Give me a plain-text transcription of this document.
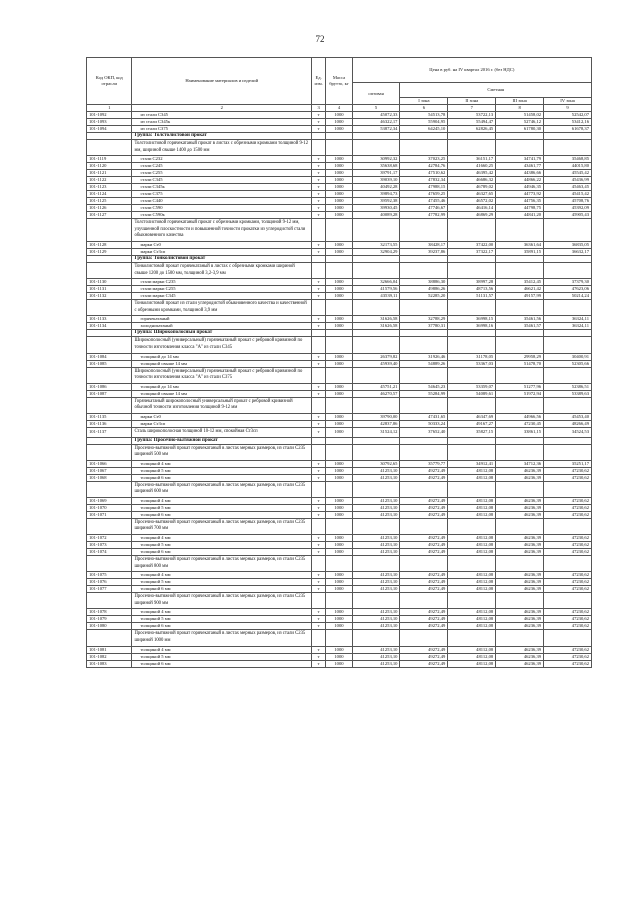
72
Код ОКП, код отрасли	Наименование материалов и изделий	Ед. изм.	Масса брутто, кг	Цена в руб. на IV квартал 2016 г. (без НДС)				
				оптовая	Сметная			
					I зона	II зона	III зона	IV зона
1	2	3	4	5	6	7	8	9
101-1092	из стали С345	т	1000	45072,33	54513,78	53722,13	51458,02	52542,07
101-1093	из стали С345к	т	1000	46322,17	55904,95	55494,47	52746,12	53412,16
101-1094	из стали С375	т	1000	53872,34	64245,10	62826,45	61780,30	61678,37
	Группа: Толстолистовой прокат							
	Толстолистовой горячекатаный прокат в листах с обрезными кромками толщиной 9-12 мм, шириной свыше 1400 до 1500 мм							
101-1119	стали С232	т	1000	30992,32	37023,25	36151,17	34741,79	35468,85
101-1120	стали С245	т	1000	35638,68	42784,76	41660,25	43461,77	44015,80
101-1121	стали С255	т	1000	39791,17	47510,62	46395,42	44386,66	45545,42
101-1122	стали С345	т	1000	39039,10	47832,34	46686,32	44866,22	45436,99
101-1123	стали С345к	т	1000	40492,28	47988,15	46789,02	44946,35	45463,45
101-1124	стали С375	т	1000	39894,73	47659,25	46327,65	44773,92	45415,42
101-1125	стали С440	т	1000	39592,38	47455,46	46572,02	44756,35	45708,76
101-1126	стали С590	т	1000	39930,45	47746,67	46416,14	44798,75	45392,09
101-1127	стали С590к	т	1000	40089,28	47782,99	46869,29	44841,20	45905,43
	Толстолистовой горячекатаный прокат с обрезными кромками, толщиной 9-12 мм, улучшенной плоскостности и повышенной точности прокатки из углеродистой стали обыкновенного качества							
101-1128	марки Ст0	т	1000	32173,55	38428,17	37422,00	36361,64	36835,05
101-1129	марки Ст3сп	т	1000	32904,29	39237,86	37322,17	35891,15	36632,17
	Группа: Тонколистовой прокат							
	Тонколистовой прокат горячекатаный в листах с обрезными кромками шириной свыше 1200 до 1500 мм, толщиной 3,2-3,9 мм							
101-1130	стали марки С235	т	1000	32666,04	38886,30	38997,28	35412,45	37379,30
101-1131	стали марки С255	т	1000	41579,56	49886,26	48713,56	46621,42	47623,06
101-1132	стали марки С345	т	1000	43539,11	52285,20	51131,57	49157,99	50214,24
	Тонколистовой прокат из стали углеродистой обыкновенного качества и качественной с обрезными кромками, толщиной 3,9 мм							
101-1133	горячекатаный	т	1000	31626,58	32788,29	36998,15	35461,56	36324,11
101-1134	холоднокатаный	т	1000	31626,58	37780,31	36998,16	35461,57	36324,11
	Группа: Широкополосный прокат							
	Широкополосный (универсальный) горячекатаный прокат с ребровой кривизной по точности изготовления класса "А" из стали С345							
101-1084	толщиной до 14 мм	т	1000	26379,82	31926,46	31178,05	29958,29	30400,91
101-1085	толщиной свыше 14 мм	т	1000	45939,40	54889,26	53367,03	51478,70	52305,66
	Широкополосный (универсальный) горячекатаный прокат с ребровой кривизной по точности изготовления класса "А" из стали С375							
101-1086	толщиной до 14 мм	т	1000	45751,21	54645,23	53359,07	51277,96	52386,51
101-1087	толщиной свыше 14 мм	т	1000	46270,57	55284,99	54089,61	51972,94	53389,63
	Горячекатаный широкополосный универсальный прокат с ребровой кривизной обычной точности изготовления толщиной 9-12 мм							
101-1135	марки Ст0	т	1000	39790,00	47431,65	46347,69	44966,56	45453,40
101-1136	марки Ст3сп	т	1000	42837,86	50333,24	49167,27	47230,45	48266,49
101-1137	Сталь широкополосная толщиной 10-12 мм, спокойная Ст3сп	т	1000	31524,12	37652,40	35827,15	33861,15	34524,53
	Группа: Просечно-вытяжной прокат							
	Просечно-вытяжной прокат горячекатаный в листах мерных размеров, из стали С235 шириной 500 мм							
101-1066	толщиной 4 мм	т	1000	30792,65	35779,77	34912,41	34712,36	35251,17
101-1067	толщиной 5 мм	т	1000	41253,10	49272,49	48112,08	46236,39	47230,62
101-1068	толщиной 6 мм	т	1000	41253,10	49272,49	48112,08	46236,39	47230,62
	Просечно-вытяжной прокат горячекатаный в листах мерных размеров, из стали С235 шириной 600 мм							
101-1069	толщиной 4 мм	т	1000	41253,10	49272,49	48112,08	46236,39	47230,62
101-1070	толщиной 5 мм	т	1000	41253,10	49272,49	48112,08	46236,39	47230,62
101-1071	толщиной 6 мм	т	1000	41253,10	49272,49	48112,08	46236,39	47230,62
	Просечно-вытяжной прокат горячекатаный в листах мерных размеров, из стали С235 шириной 700 мм							
101-1072	толщиной 4 мм	т	1000	41253,10	49272,49	48112,08	46236,39	47230,62
101-1073	толщиной 5 мм	т	1000	41253,10	49272,49	48112,08	46236,39	47230,62
101-1074	толщиной 6 мм	т	1000	41253,10	49272,49	48112,08	46236,39	47230,62
	Просечно-вытяжной прокат горячекатаный в листах мерных размеров, из стали С235 шириной 800 мм							
101-1075	толщиной 4 мм	т	1000	41253,10	49272,49	48112,08	46236,39	47230,62
101-1076	толщиной 5 мм	т	1000	41253,10	49272,49	48112,08	46236,39	47230,62
101-1077	толщиной 6 мм	т	1000	41253,10	49272,49	48112,08	46236,39	47230,62
	Просечно-вытяжной прокат горячекатаный в листах мерных размеров, из стали С235 шириной 900 мм							
101-1078	толщиной 4 мм	т	1000	41253,10	49272,49	48112,08	46236,39	47230,62
101-1079	толщиной 5 мм	т	1000	41253,10	49272,49	48112,08	46236,39	47230,62
101-1080	толщиной 6 мм	т	1000	41253,10	49272,49	48112,08	46236,39	47230,62
	Просечно-вытяжной прокат горячекатаный в листах мерных размеров, из стали С235 шириной 1000 мм							
101-1081	толщиной 4 мм	т	1000	41253,10	49272,49	48112,08	46236,39	47230,62
101-1082	толщиной 5 мм	т	1000	41253,10	49272,49	48112,08	46236,39	47230,62
101-1083	толщиной 6 мм	т	1000	41253,10	49272,49	48112,08	46236,39	47230,62
